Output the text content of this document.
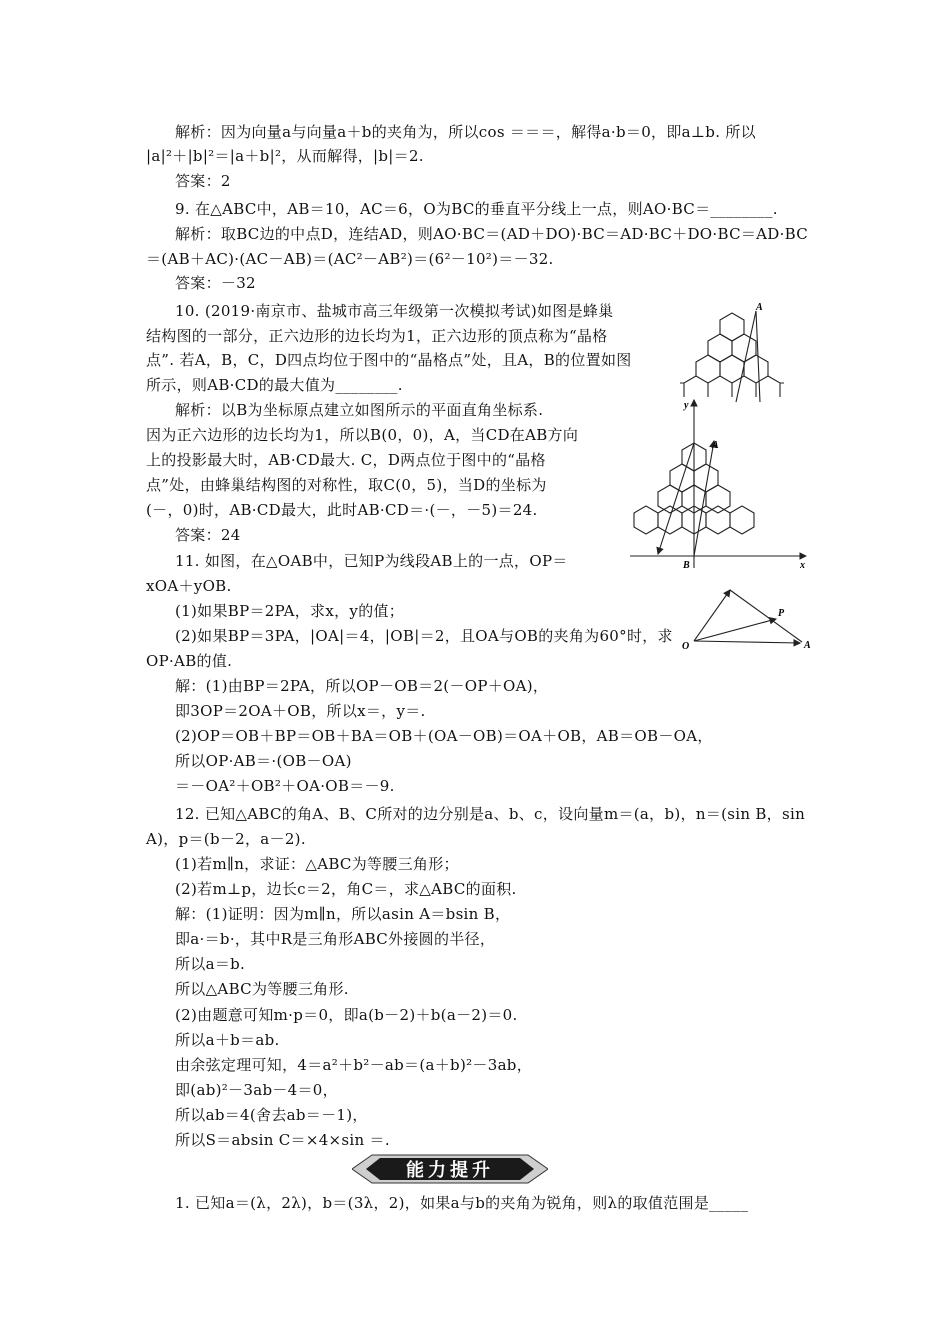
解析：因为向量a与向量a＋b的夹角为，所以cos ＝＝＝，解得a·b＝0，即a⊥b. 所以
|a|²＋|b|²＝|a＋b|²，从而解得，|b|＝2.
答案：2
9. 在△ABC中，AB＝10，AC＝6，O为BC的垂直平分线上一点，则AO·BC＝________.
解析：取BC边的中点D，连结AD，则AO·BC＝(AD＋DO)·BC＝AD·BC＋DO·BC＝AD·BC
＝(AB＋AC)·(AC－AB)＝(AC²－AB²)＝(6²－10²)＝－32.
答案：－32
10. (2019·南京市、盐城市高三年级第一次模拟考试)如图是蜂巢
结构图的一部分，正六边形的边长均为1，正六边形的顶点称为“晶格
点”. 若A，B，C，D四点均位于图中的“晶格点”处，且A，B的位置如图
所示，则AB·CD的最大值为________.
解析：以B为坐标原点建立如图所示的平面直角坐标系.
因为正六边形的边长均为1，所以B(0，0)，A，当CD在AB方向
上的投影最大时，AB·CD最大. C，D两点位于图中的“晶格
点”处，由蜂巢结构图的对称性，取C(0，5)，当D的坐标为
(－，0)时，AB·CD最大，此时AB·CD＝·(－，－5)＝24.
答案：24
11. 如图，在△OAB中，已知P为线段AB上的一点，OP＝
xOA＋yOB.
(1)如果BP＝2PA，求x，y的值；
(2)如果BP＝3PA，|OA|＝4，|OB|＝2，且OA与OB的夹角为60°时，求
OP·AB的值.
解：(1)由BP＝2PA，所以OP－OB＝2(－OP＋OA)，
即3OP＝2OA＋OB，所以x＝，y＝.
(2)OP＝OB＋BP＝OB＋BA＝OB＋(OA－OB)＝OA＋OB，AB＝OB－OA，
所以OP·AB＝·(OB－OA)
＝－OA²＋OB²＋OA·OB＝－9.
12. 已知△ABC的角A、B、C所对的边分别是a、b、c，设向量m＝(a，b)，n＝(sin B，sin
A)，p＝(b－2，a－2).
(1)若m∥n，求证：△ABC为等腰三角形；
(2)若m⊥p，边长c＝2，角C＝，求△ABC的面积.
解：(1)证明：因为m∥n，所以asin A＝bsin B，
即a·＝b·，其中R是三角形ABC外接圆的半径，
所以a＝b.
所以△ABC为等腰三角形.
(2)由题意可知m·p＝0，即a(b－2)＋b(a－2)＝0.
所以a＋b＝ab.
由余弦定理可知，4＝a²＋b²－ab＝(a＋b)²－3ab，
即(ab)²－3ab－4＝0，
所以ab＝4(舍去ab＝－1)，
所以S＝absin C＝×4×sin ＝.
1. 已知a＝(λ，2λ)，b＝(3λ，2)，如果a与b的夹角为锐角，则λ的取值范围是_____
A
y
x
A
B
O	A
P
能力提升
